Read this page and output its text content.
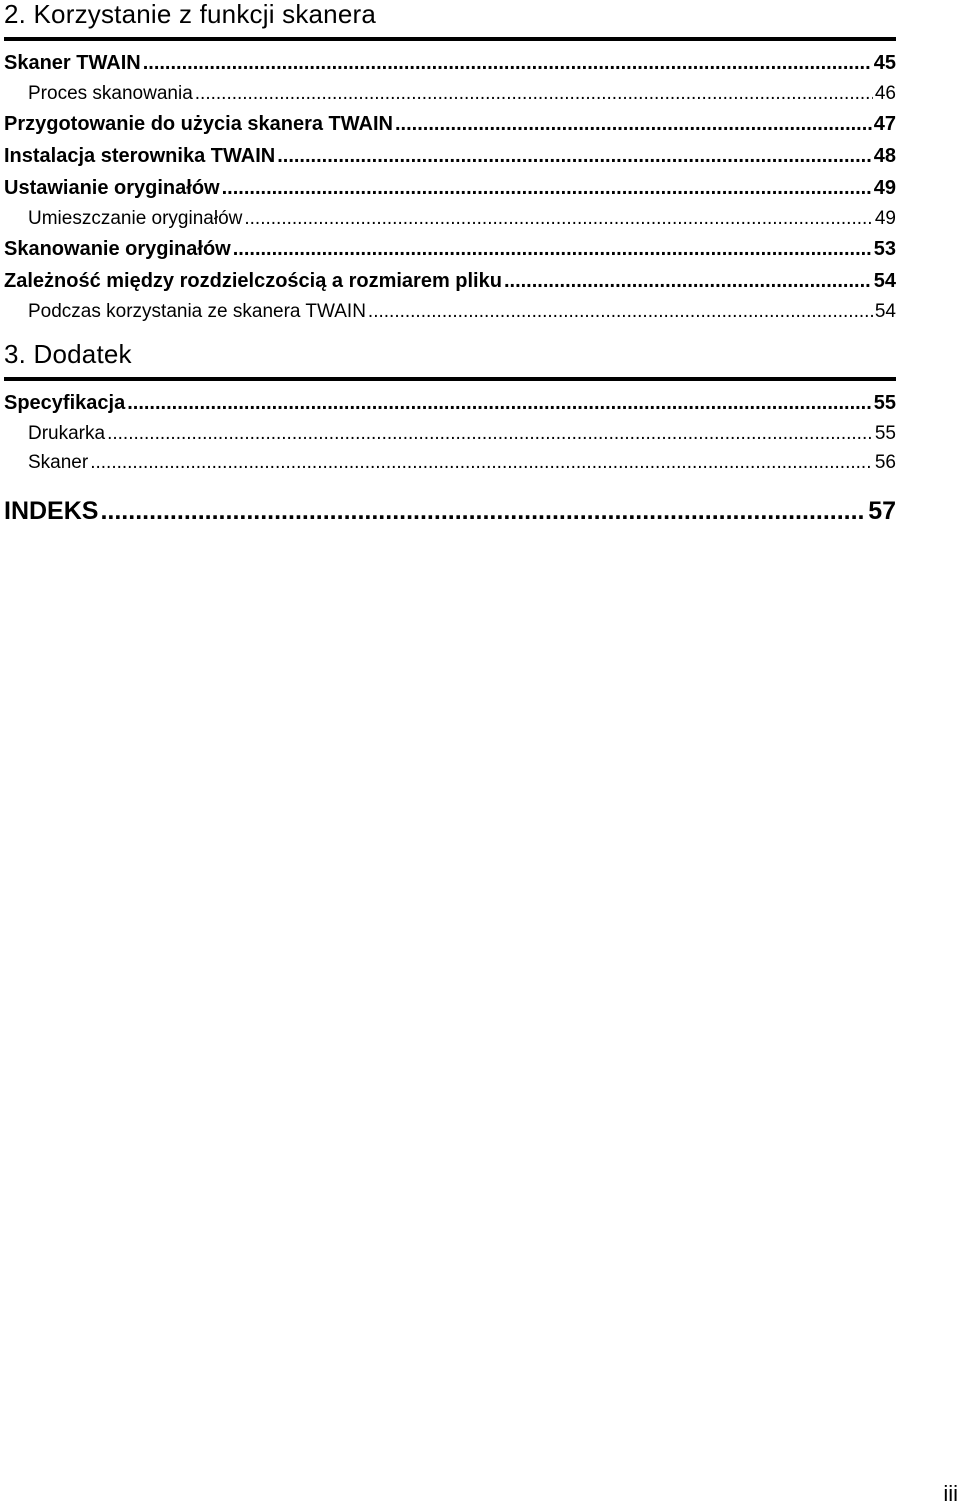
2. Korzystanie z funkcji skanera
Skaner TWAIN .....	45
Proces skanowania .....	46
Przygotowanie do użycia skanera TWAIN .....	47
Instalacja sterownika TWAIN .....	48
Ustawianie oryginałów .....	49
Umieszczanie oryginałów .....	49
Skanowanie oryginałów .....	53
Zależność między rozdzielczością a rozmiarem pliku .....	54
Podczas korzystania ze skanera TWAIN .....	54
3. Dodatek
Specyfikacja .....	55
Drukarka .....	55
Skaner .....	56
INDEKS .....	57
iii
